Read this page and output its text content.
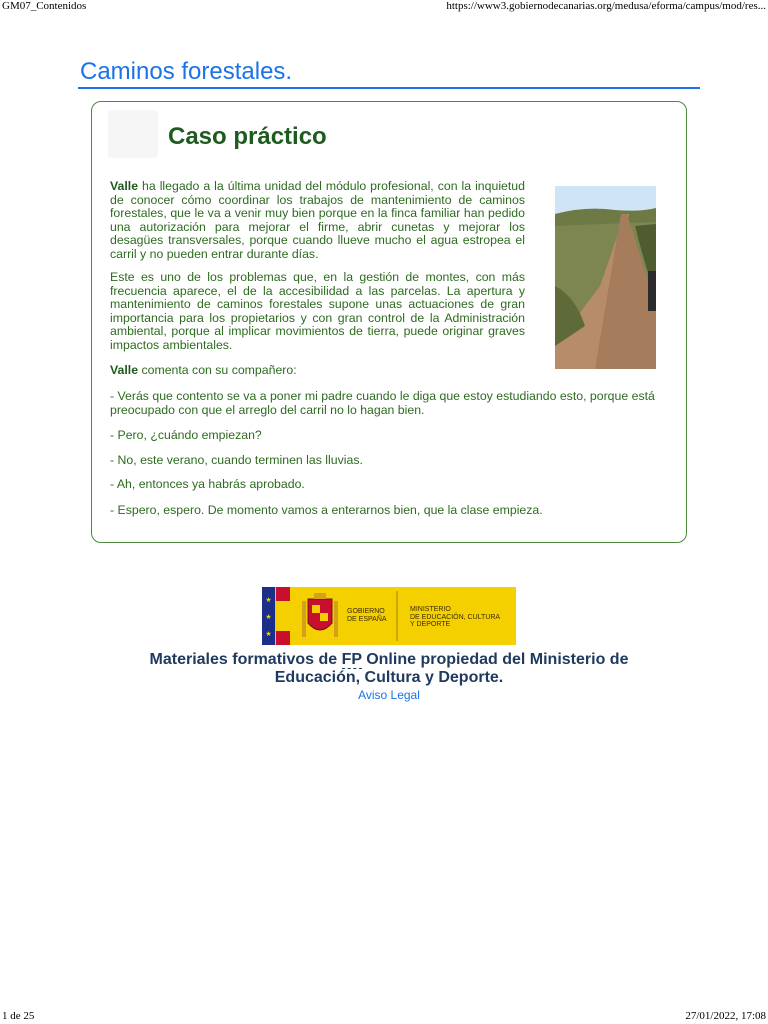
GM07_Contenidos	https://www3.gobiernodecanarias.org/medusa/eforma/campus/mod/res...
Caminos forestales.
Caso práctico
Valle ha llegado a la última unidad del módulo profesional, con la inquietud de conocer cómo coordinar los trabajos de mantenimiento de caminos forestales, que le va a venir muy bien porque en la finca familiar han pedido una autorización para mejorar el firme, abrir cunetas y mejorar los desagües transversales, porque cuando llueve mucho el agua estropea el carril y no pueden entrar durante días.
Este es uno de los problemas que, en la gestión de montes, con más frecuencia aparece, el de la accesibilidad a las parcelas. La apertura y mantenimiento de caminos forestales supone unas actuaciones de gran importancia para los propietarios y con gran control de la Administración ambiental, porque al implicar movimientos de tierra, puede originar graves impactos ambientales.
Valle comenta con su compañero:
- Verás que contento se va a poner mi padre cuando le diga que estoy estudiando esto, porque está preocupado con que el arreglo del carril no lo hagan bien.
- Pero, ¿cuándo empiezan?
- No, este verano, cuando terminen las lluvias.
- Ah, entonces ya habrás aprobado.
- Espero, espero. De momento vamos a enterarnos bien, que la clase empieza.
★
★
★
GOBIERNO
DE ESPAÑA
MINISTERIO
DE EDUCACIÓN, CULTURA
Y DEPORTE
Materiales formativos de FP Online propiedad del Ministerio de
Educación, Cultura y Deporte.
Aviso Legal
1 de 25	27/01/2022, 17:08
